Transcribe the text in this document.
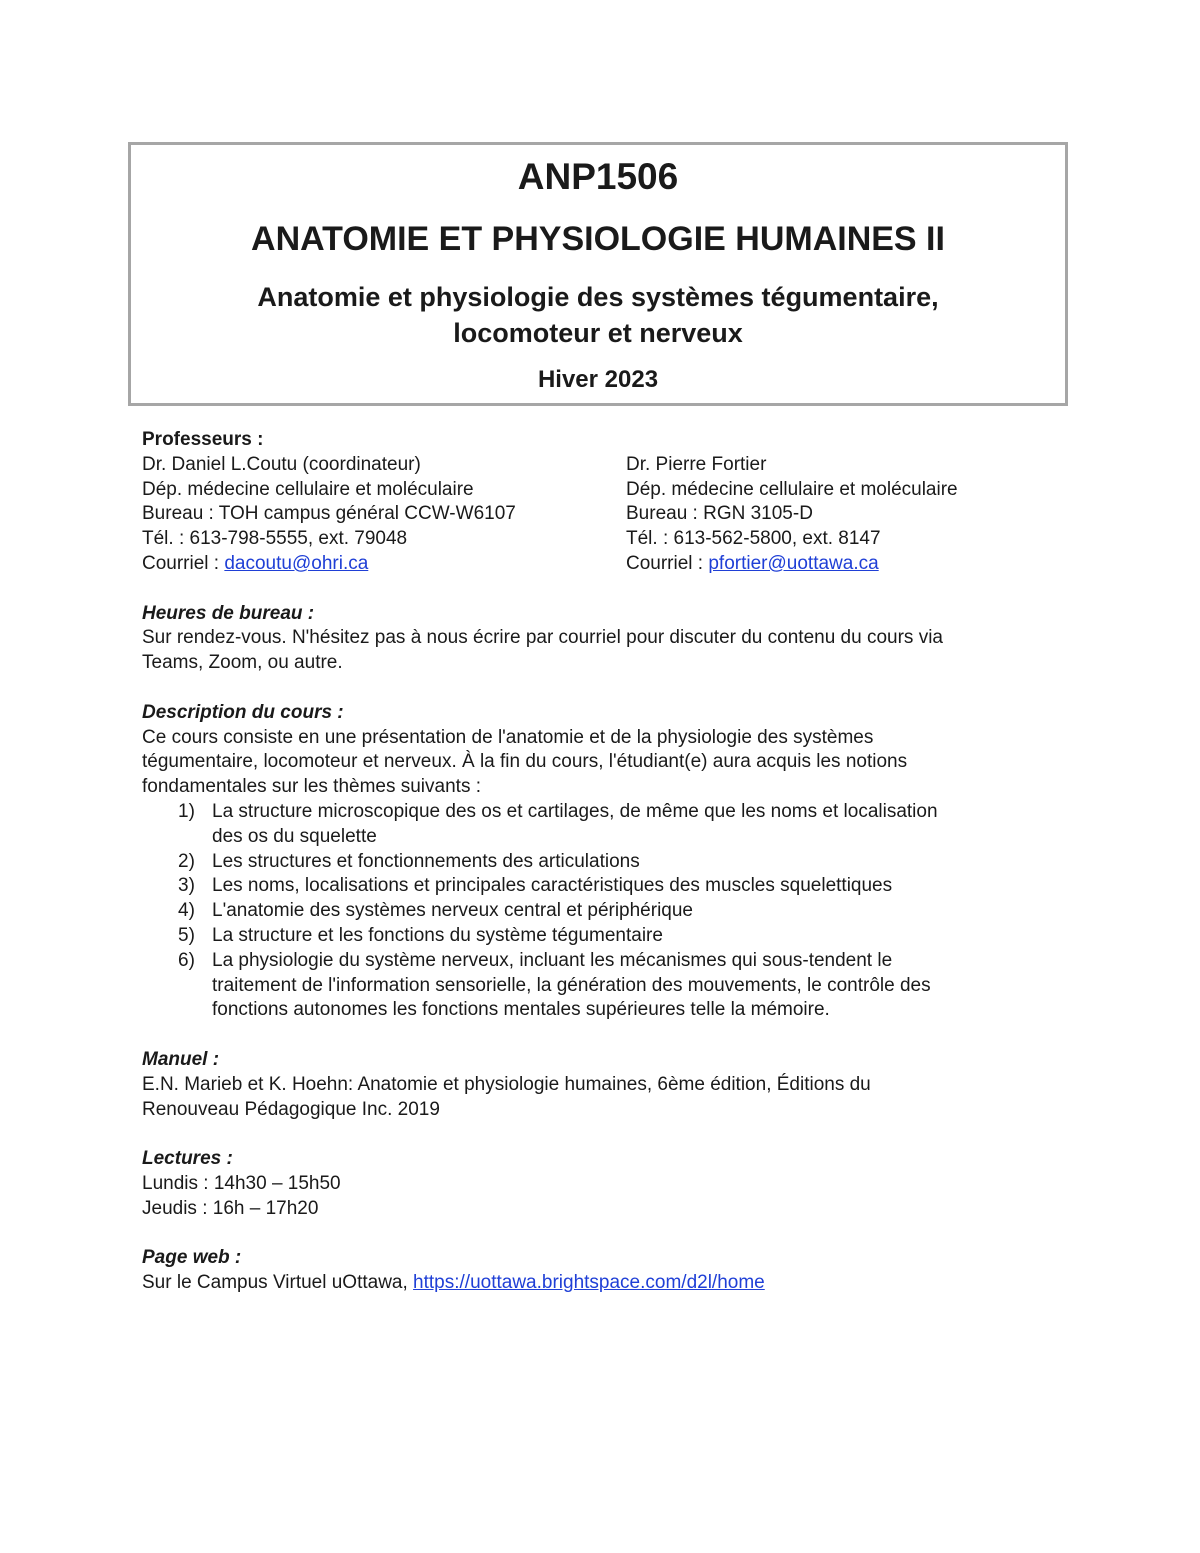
ANP1506
ANATOMIE ET PHYSIOLOGIE HUMAINES II
Anatomie et physiologie des systèmes tégumentaire,
locomoteur et nerveux
Hiver 2023
Professeurs :
Dr. Daniel L.Coutu (coordinateur)
Dép. médecine cellulaire et moléculaire
Bureau : TOH campus général CCW-W6107
Tél. : 613-798-5555, ext. 79048
Courriel : dacoutu@ohri.ca
Dr. Pierre Fortier
Dép. médecine cellulaire et moléculaire
Bureau : RGN 3105-D
Tél. : 613-562-5800, ext. 8147
Courriel : pfortier@uottawa.ca
Heures de bureau :
Sur rendez-vous. N'hésitez pas à nous écrire par courriel pour discuter du contenu du cours via
Teams, Zoom, ou autre.
Description du cours :
Ce cours consiste en une présentation de l'anatomie et de la physiologie des systèmes
tégumentaire, locomoteur et nerveux. À la fin du cours, l'étudiant(e) aura acquis les notions
fondamentales sur les thèmes suivants :
1) La structure microscopique des os et cartilages, de même que les noms et localisation
des os du squelette
2) Les structures et fonctionnements des articulations
3) Les noms, localisations et principales caractéristiques des muscles squelettiques
4) L'anatomie des systèmes nerveux central et périphérique
5) La structure et les fonctions du système tégumentaire
6) La physiologie du système nerveux, incluant les mécanismes qui sous-tendent le
traitement de l'information sensorielle, la génération des mouvements, le contrôle des
fonctions autonomes les fonctions mentales supérieures telle la mémoire.
Manuel :
E.N. Marieb et K. Hoehn: Anatomie et physiologie humaines, 6ème édition, Éditions du
Renouveau Pédagogique Inc. 2019
Lectures :
Lundis : 14h30 – 15h50
Jeudis : 16h – 17h20
Page web :
Sur le Campus Virtuel uOttawa, https://uottawa.brightspace.com/d2l/home
